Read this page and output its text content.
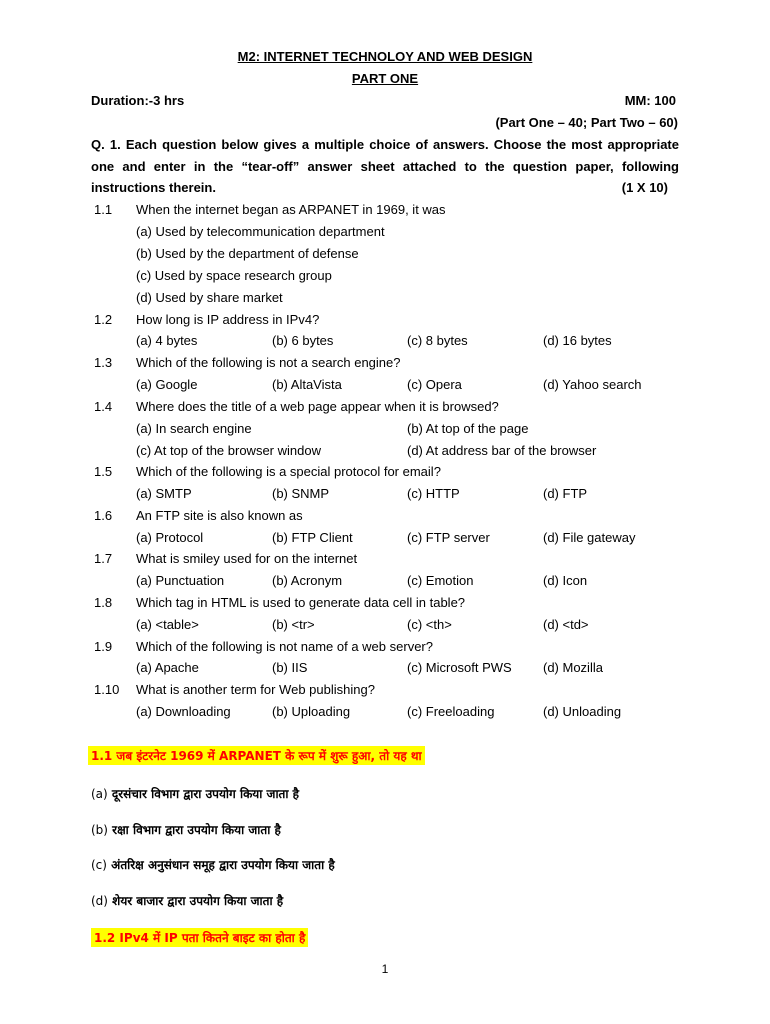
M2: INTERNET TECHNOLOY AND WEB DESIGN
PART ONE
Duration:-3 hrs	MM: 100
(Part One – 40; Part Two – 60)
Q. 1. Each question below gives a multiple choice of answers. Choose the most appropriate one and enter in the “tear-off” answer sheet attached to the question paper, following instructions therein.	(1 X 10)
1.1 When the internet began as ARPANET in 1969, it was
(a) Used by telecommunication department
(b) Used by the department of defense
(c) Used by space research group
(d) Used by share market
1.2 How long is IP address in IPv4?
(a) 4 bytes	(b) 6 bytes	(c) 8 bytes	(d) 16 bytes
1.3 Which of the following is not a search engine?
(a) Google	(b) AltaVista	(c) Opera	(d) Yahoo search
1.4 Where does the title of a web page appear when it is browsed?
(a) In search engine	(b) At top of the page
(c) At top of the browser window	(d) At address bar of the browser
1.5 Which of the following is a special protocol for email?
(a) SMTP	(b) SNMP	(c) HTTP	(d) FTP
1.6 An FTP site is also known as
(a) Protocol	(b) FTP Client	(c) FTP server	(d) File gateway
1.7 What is smiley used for on the internet
(a) Punctuation	(b) Acronym	(c) Emotion	(d) Icon
1.8 Which tag in HTML is used to generate data cell in table?
(a) <table>	(b) <tr>	(c) <th>	(d) <td>
1.9 Which of the following is not name of a web server?
(a) Apache	(b) IIS	(c) Microsoft PWS (d) Mozilla
1.10 What is another term for Web publishing?
(a) Downloading	(b) Uploading	(c) Freeloading	(d) Unloading
1.1 जब इंटरनेट 1969 में ARPANET के रूप में शुरू हुआ, तो यह था
(a) दूरसंचार विभाग द्वारा उपयोग किया जाता है
(b) रक्षा विभाग द्वारा उपयोग किया जाता है
(c) अंतरिक्ष अनुसंधान समूह द्वारा उपयोग किया जाता है
(d) शेयर बाजार द्वारा उपयोग किया जाता है
1.2 IPv4 में IP पता कितने बाइट का होता है
1
